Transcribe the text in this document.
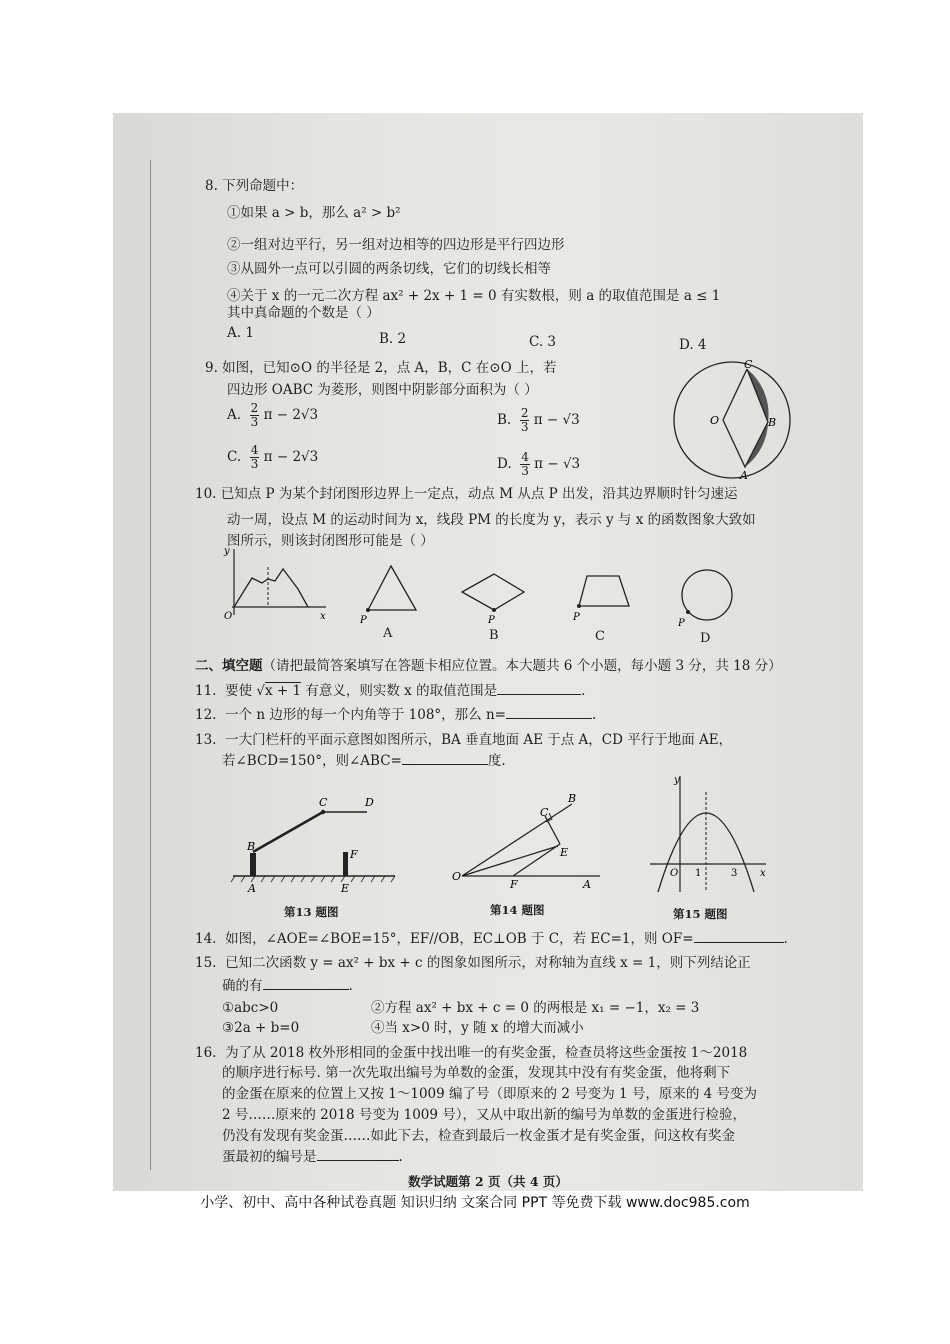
8. 下列命题中：
①如果 a > b，那么 a² > b²
②一组对边平行，另一组对边相等的四边形是平行四边形
③从圆外一点可以引圆的两条切线，它们的切线长相等
④关于 x 的一元二次方程 ax² + 2x + 1 = 0 有实数根，则 a 的取值范围是 a ≤ 1
其中真命题的个数是（ ）
A. 1	B. 2	C. 3	D. 4
9. 如图，已知⊙O 的半径是 2，点 A，B，C 在⊙O 上，若
四边形 OABC 为菱形，则图中阴影部分面积为（ ）
A. $\frac{2}{3}$ π − 2√3	B. $\frac{2}{3}$ π − √3
C. $\frac{4}{3}$ π − 2√3	D. $\frac{4}{3}$ π − √3
C
O	B
A
10. 已知点 P 为某个封闭图形边界上一定点，动点 M 从点 P 出发，沿其边界顺时针匀速运
动一周，设点 M 的运动时间为 x，线段 PM 的长度为 y，表示 y 与 x 的函数图象大致如
图所示，则该封闭图形可能是（ ）
y
O	x	P
A
P
B
P
C
P
D
二、填空题（请把最简答案填写在答题卡相应位置。本大题共 6 个小题，每小题 3 分，共 18 分）
11. 要使 √x + 1 有意义，则实数 x 的取值范围是	.
12. 一个 n 边形的每一个内角等于 108°，那么 n=	.
13. 一大门栏杆的平面示意图如图所示，BA 垂直地面 AE 于点 A，CD 平行于地面 AE，
若∠BCD=150°，则∠ABC=	度.
C	D
B
F
A	E
第13 题图
B
C
E
O
F	A
第14 题图
y
O 1	3 x
第15 题图
14. 如图，∠AOE=∠BOE=15°，EF//OB，EC⊥OB 于 C，若 EC=1，则 OF=	.
15. 已知二次函数 y = ax² + bx + c 的图象如图所示，对称轴为直线 x = 1，则下列结论正
确的有	.
①abc>0	②方程 ax² + bx + c = 0 的两根是 x₁ = −1，x₂ = 3
③2a + b=0	④当 x>0 时，y 随 x 的增大而减小
16. 为了从 2018 枚外形相同的金蛋中找出唯一的有奖金蛋，检查员将这些金蛋按 1～2018
的顺序进行标号. 第一次先取出编号为单数的金蛋，发现其中没有有奖金蛋，他将剩下
的金蛋在原来的位置上又按 1～1009 编了号（即原来的 2 号变为 1 号，原来的 4 号变为
2 号……原来的 2018 号变为 1009 号），又从中取出新的编号为单数的金蛋进行检验，
仍没有发现有奖金蛋……如此下去，检查到最后一枚金蛋才是有奖金蛋，问这枚有奖金
蛋最初的编号是	.
数学试题第 2 页（共 4 页）
小学、初中、高中各种试卷真题 知识归纳 文案合同 PPT 等免费下载 www.doc985.com
